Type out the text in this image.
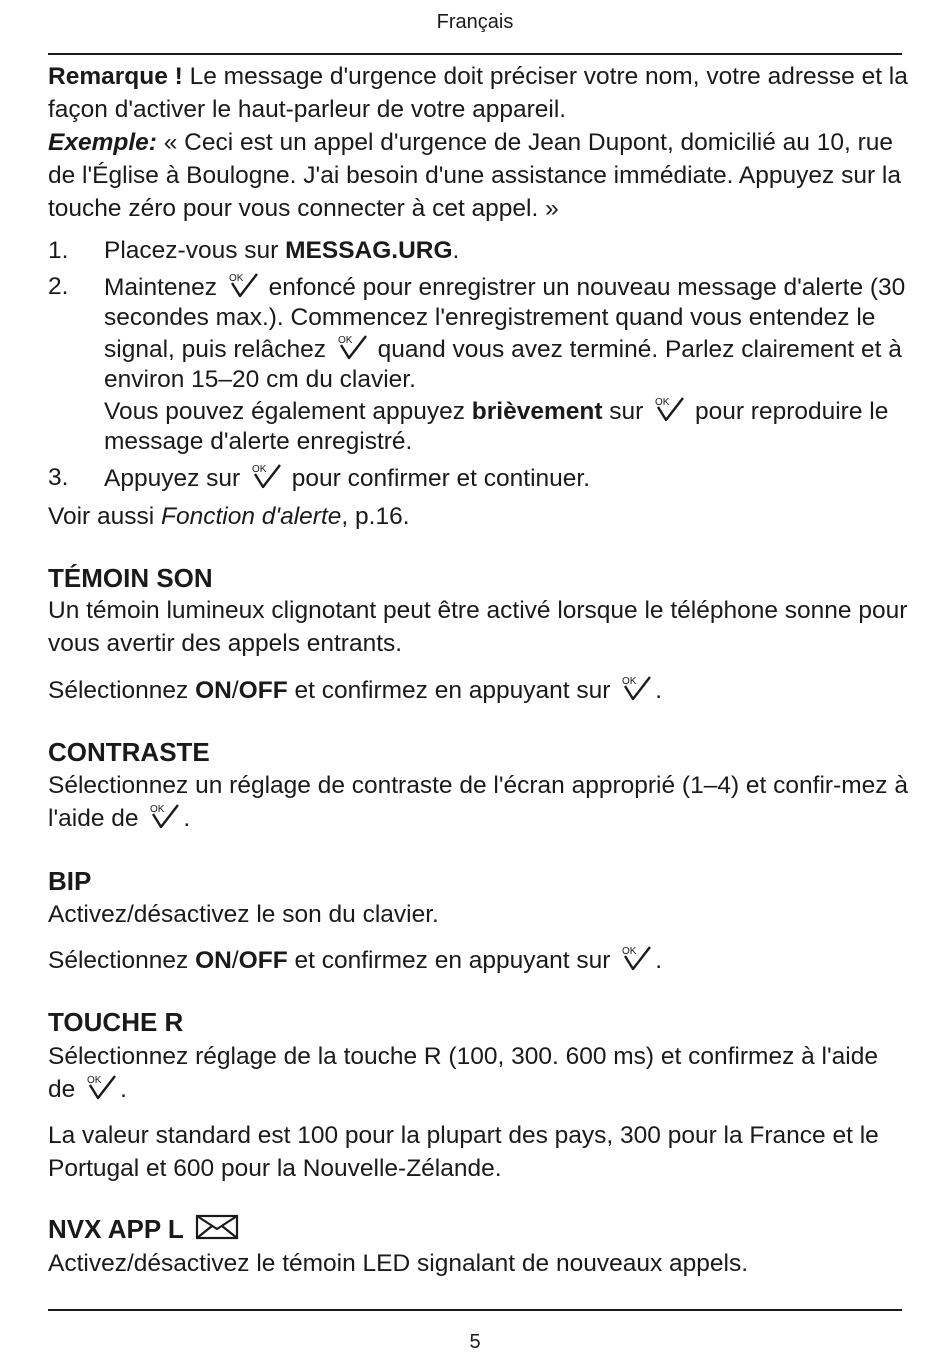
Français
Remarque ! Le message d'urgence doit préciser votre nom, votre adresse et la façon d'activer le haut-parleur de votre appareil.
Exemple: « Ceci est un appel d'urgence de Jean Dupont, domicilié au 10, rue de l'Église à Boulogne. J'ai besoin d'une assistance immédiate. Appuyez sur la touche zéro pour vous connecter à cet appel. »
1. Placez-vous sur MESSAG.URG.
2. Maintenez OK enfoncé pour enregistrer un nouveau message d'alerte (30 secondes max.). Commencez l'enregistrement quand vous entendez le signal, puis relâchez OK quand vous avez terminé. Parlez clairement et à environ 15–20 cm du clavier.
Vous pouvez également appuyez brièvement sur OK pour reproduire le message d'alerte enregistré.
3. Appuyez sur OK pour confirmer et continuer.
Voir aussi Fonction d'alerte, p.16.
TÉMOIN SON
Un témoin lumineux clignotant peut être activé lorsque le téléphone sonne pour vous avertir des appels entrants.
Sélectionnez ON/OFF et confirmez en appuyant sur OK .
CONTRASTE
Sélectionnez un réglage de contraste de l'écran approprié (1–4) et confir-mez à l'aide de OK .
BIP
Activez/désactivez le son du clavier.
Sélectionnez ON/OFF et confirmez en appuyant sur OK .
TOUCHE R
Sélectionnez réglage de la touche R (100, 300. 600 ms) et confirmez à l'aide de OK .
La valeur standard est 100 pour la plupart des pays, 300 pour la France et le Portugal et 600 pour la Nouvelle-Zélande.
NVX APP L
Activez/désactivez le témoin LED signalant de nouveaux appels.
5
